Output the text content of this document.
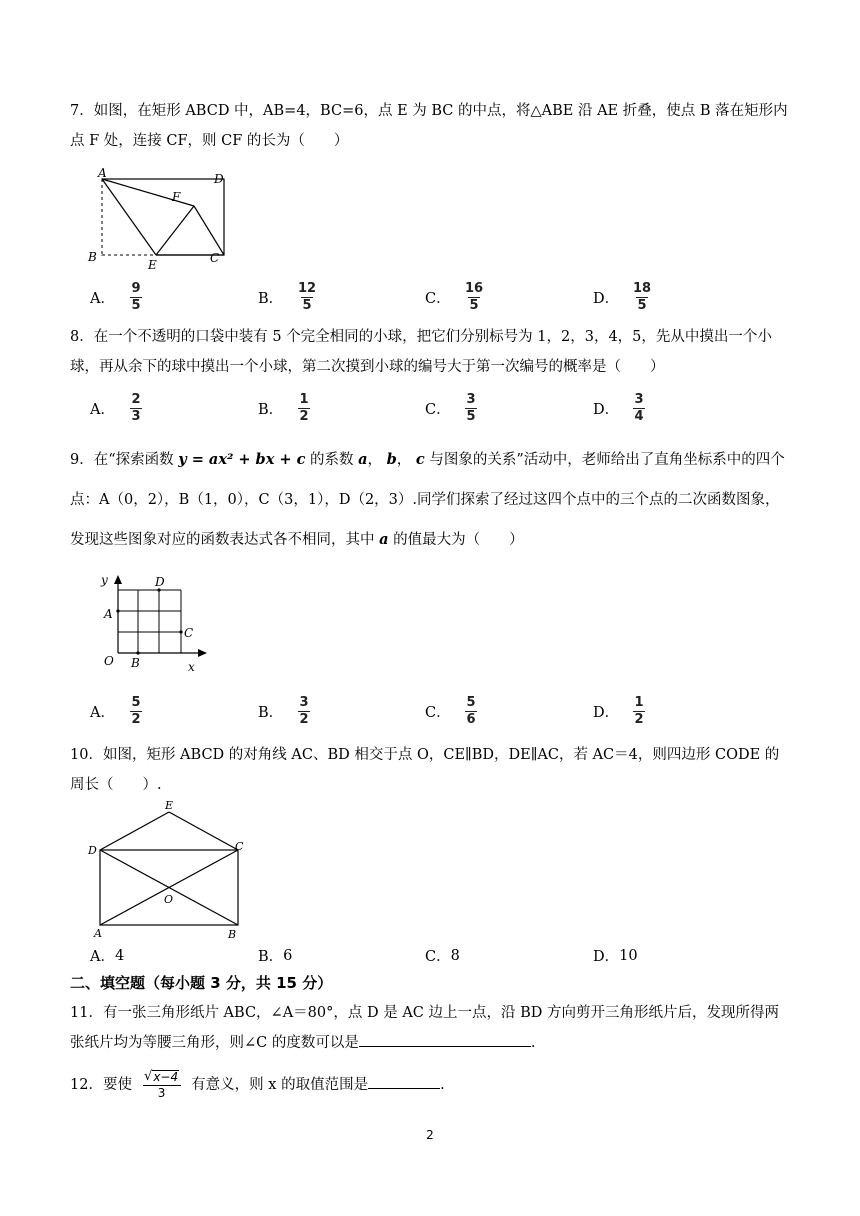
7．如图，在矩形 ABCD 中，AB=4，BC=6，点 E 为 BC 的中点，将△ABE 沿 AE 折叠，使点 B 落在矩形内点 F 处，连接 CF，则 CF 的长为（　　）
A	D
F
B
E	C
A．	$\frac{9}{5}$	B．	$\frac{12}{5}$	C．	$\frac{16}{5}$	D．	$\frac{18}{5}$
8．在一个不透明的口袋中装有 5 个完全相同的小球，把它们分别标号为 1，2，3，4，5，先从中摸出一个小球，再从余下的球中摸出一个小球，第二次摸到小球的编号大于第一次编号的概率是（　　）
A．	$\frac{2}{3}$	B．	$\frac{1}{2}$	C．	$\frac{3}{5}$	D．	$\frac{3}{4}$
9．在“探索函数 y = ax² + bx + c 的系数 a， b， c 与图象的关系”活动中，老师给出了直角坐标系中的四个点：A（0，2），B（1，0），C（3，1），D（2，3）.同学们探索了经过这四个点中的三个点的二次函数图象，发现这些图象对应的函数表达式各不相同，其中 a 的值最大为（　　）
y	D
A
C
O B	x
A．	$\frac{5}{2}$	B．	$\frac{3}{2}$	C．	$\frac{5}{6}$	D．	$\frac{1}{2}$
10．如图，矩形 ABCD 的对角线 AC、BD 相交于点 O，CE∥BD，DE∥AC，若 AC＝4，则四边形 CODE 的周长（　　）.
E
D	C
O
A	B
A． 4	B． 6	C． 8	D． 10
二、填空题（每小题 3 分，共 15 分）
11．有一张三角形纸片 ABC，∠A＝80°，点 D 是 AC 边上一点，沿 BD 方向剪开三角形纸片后，发现所得两张纸片均为等腰三角形，则∠C 的度数可以是	.
12．要使 $\frac{√ x-4}{3}$ 有意义，则 x 的取值范围是	.
2
